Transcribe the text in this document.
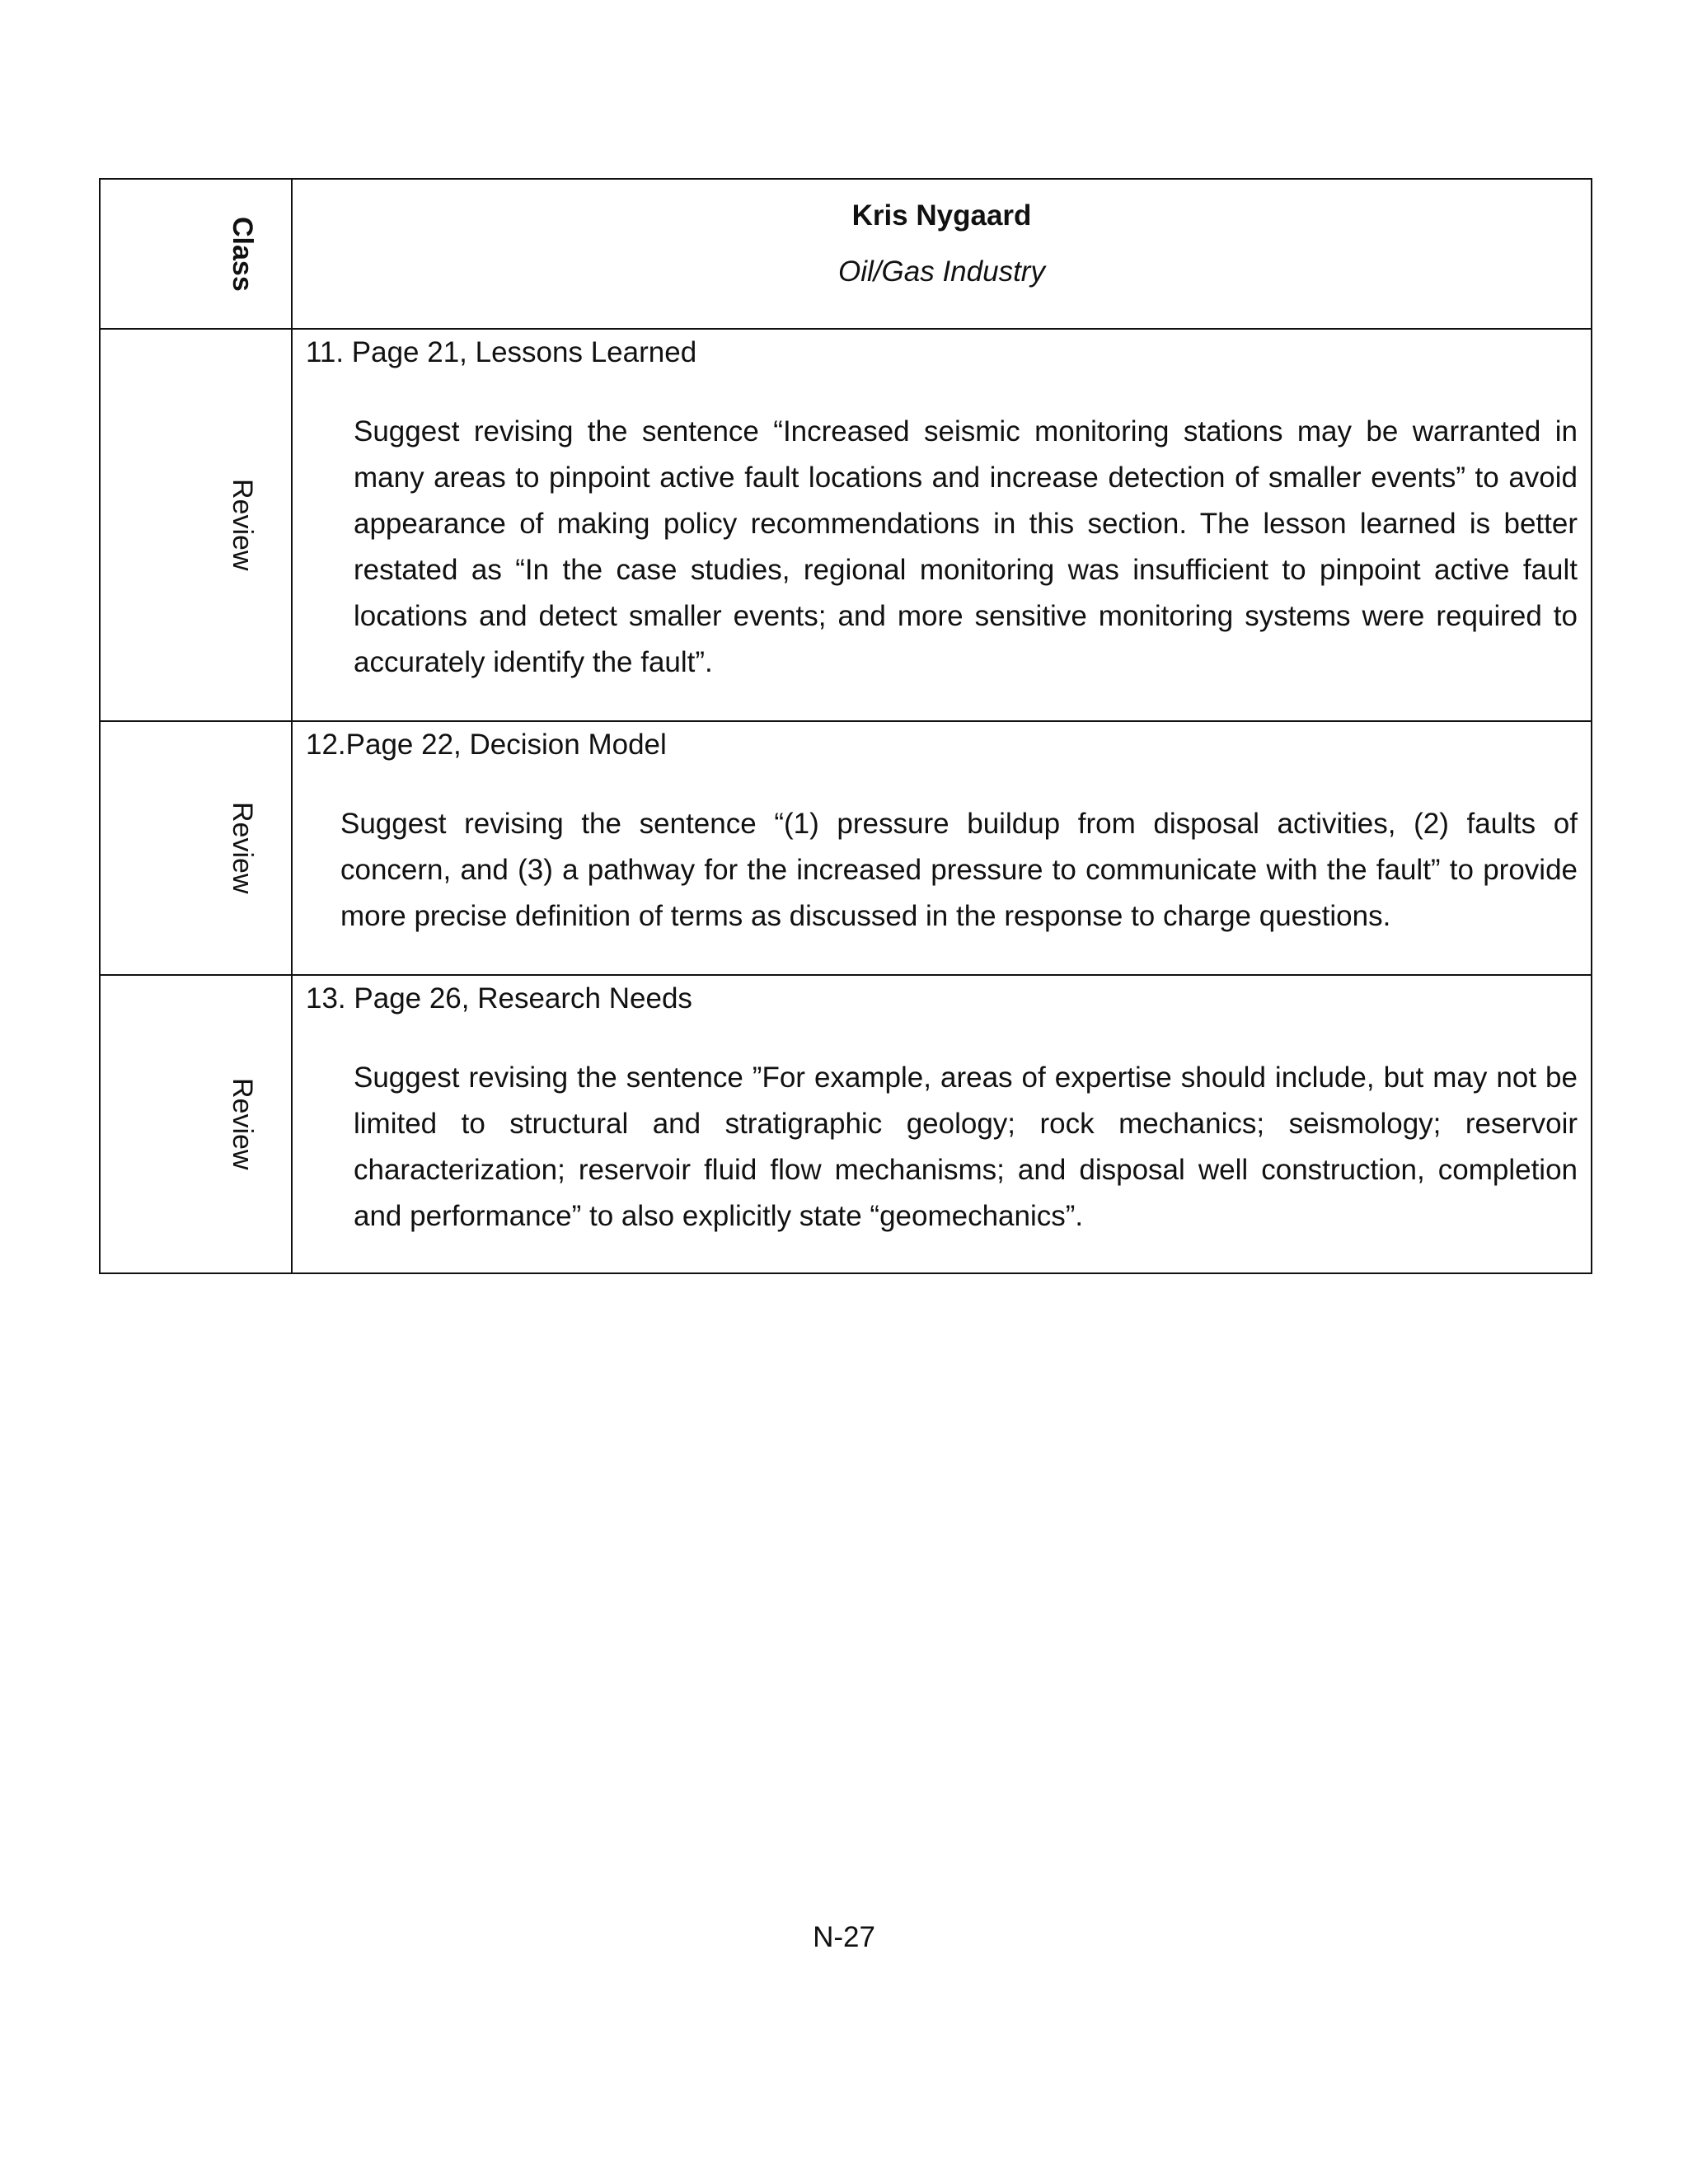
Class	Kris Nygaard

Oil/Gas Industry

Review	11. Page 21, Lessons Learned
Suggest revising the sentence “Increased seismic monitoring stations may be warranted in many areas to pinpoint active fault locations and increase detection of smaller events” to avoid appearance of making policy recommendations in this section. The lesson learned is better restated as “In the case studies, regional monitoring was insufficient to pinpoint active fault locations and detect smaller events; and more sensitive monitoring systems were required to accurately identify the fault”.

Review	12.Page 22, Decision Model
Suggest revising the sentence “(1) pressure buildup from disposal activities, (2) faults of concern, and (3) a pathway for the increased pressure to communicate with the fault” to provide more precise definition of terms as discussed in the response to charge questions.

Review	13. Page 26, Research Needs
Suggest revising the sentence ”For example, areas of expertise should include, but may not be limited to structural and stratigraphic geology; rock mechanics; seismology; reservoir characterization; reservoir fluid flow mechanisms; and disposal well construction, completion and performance” to also explicitly state “geomechanics”.
N-27
